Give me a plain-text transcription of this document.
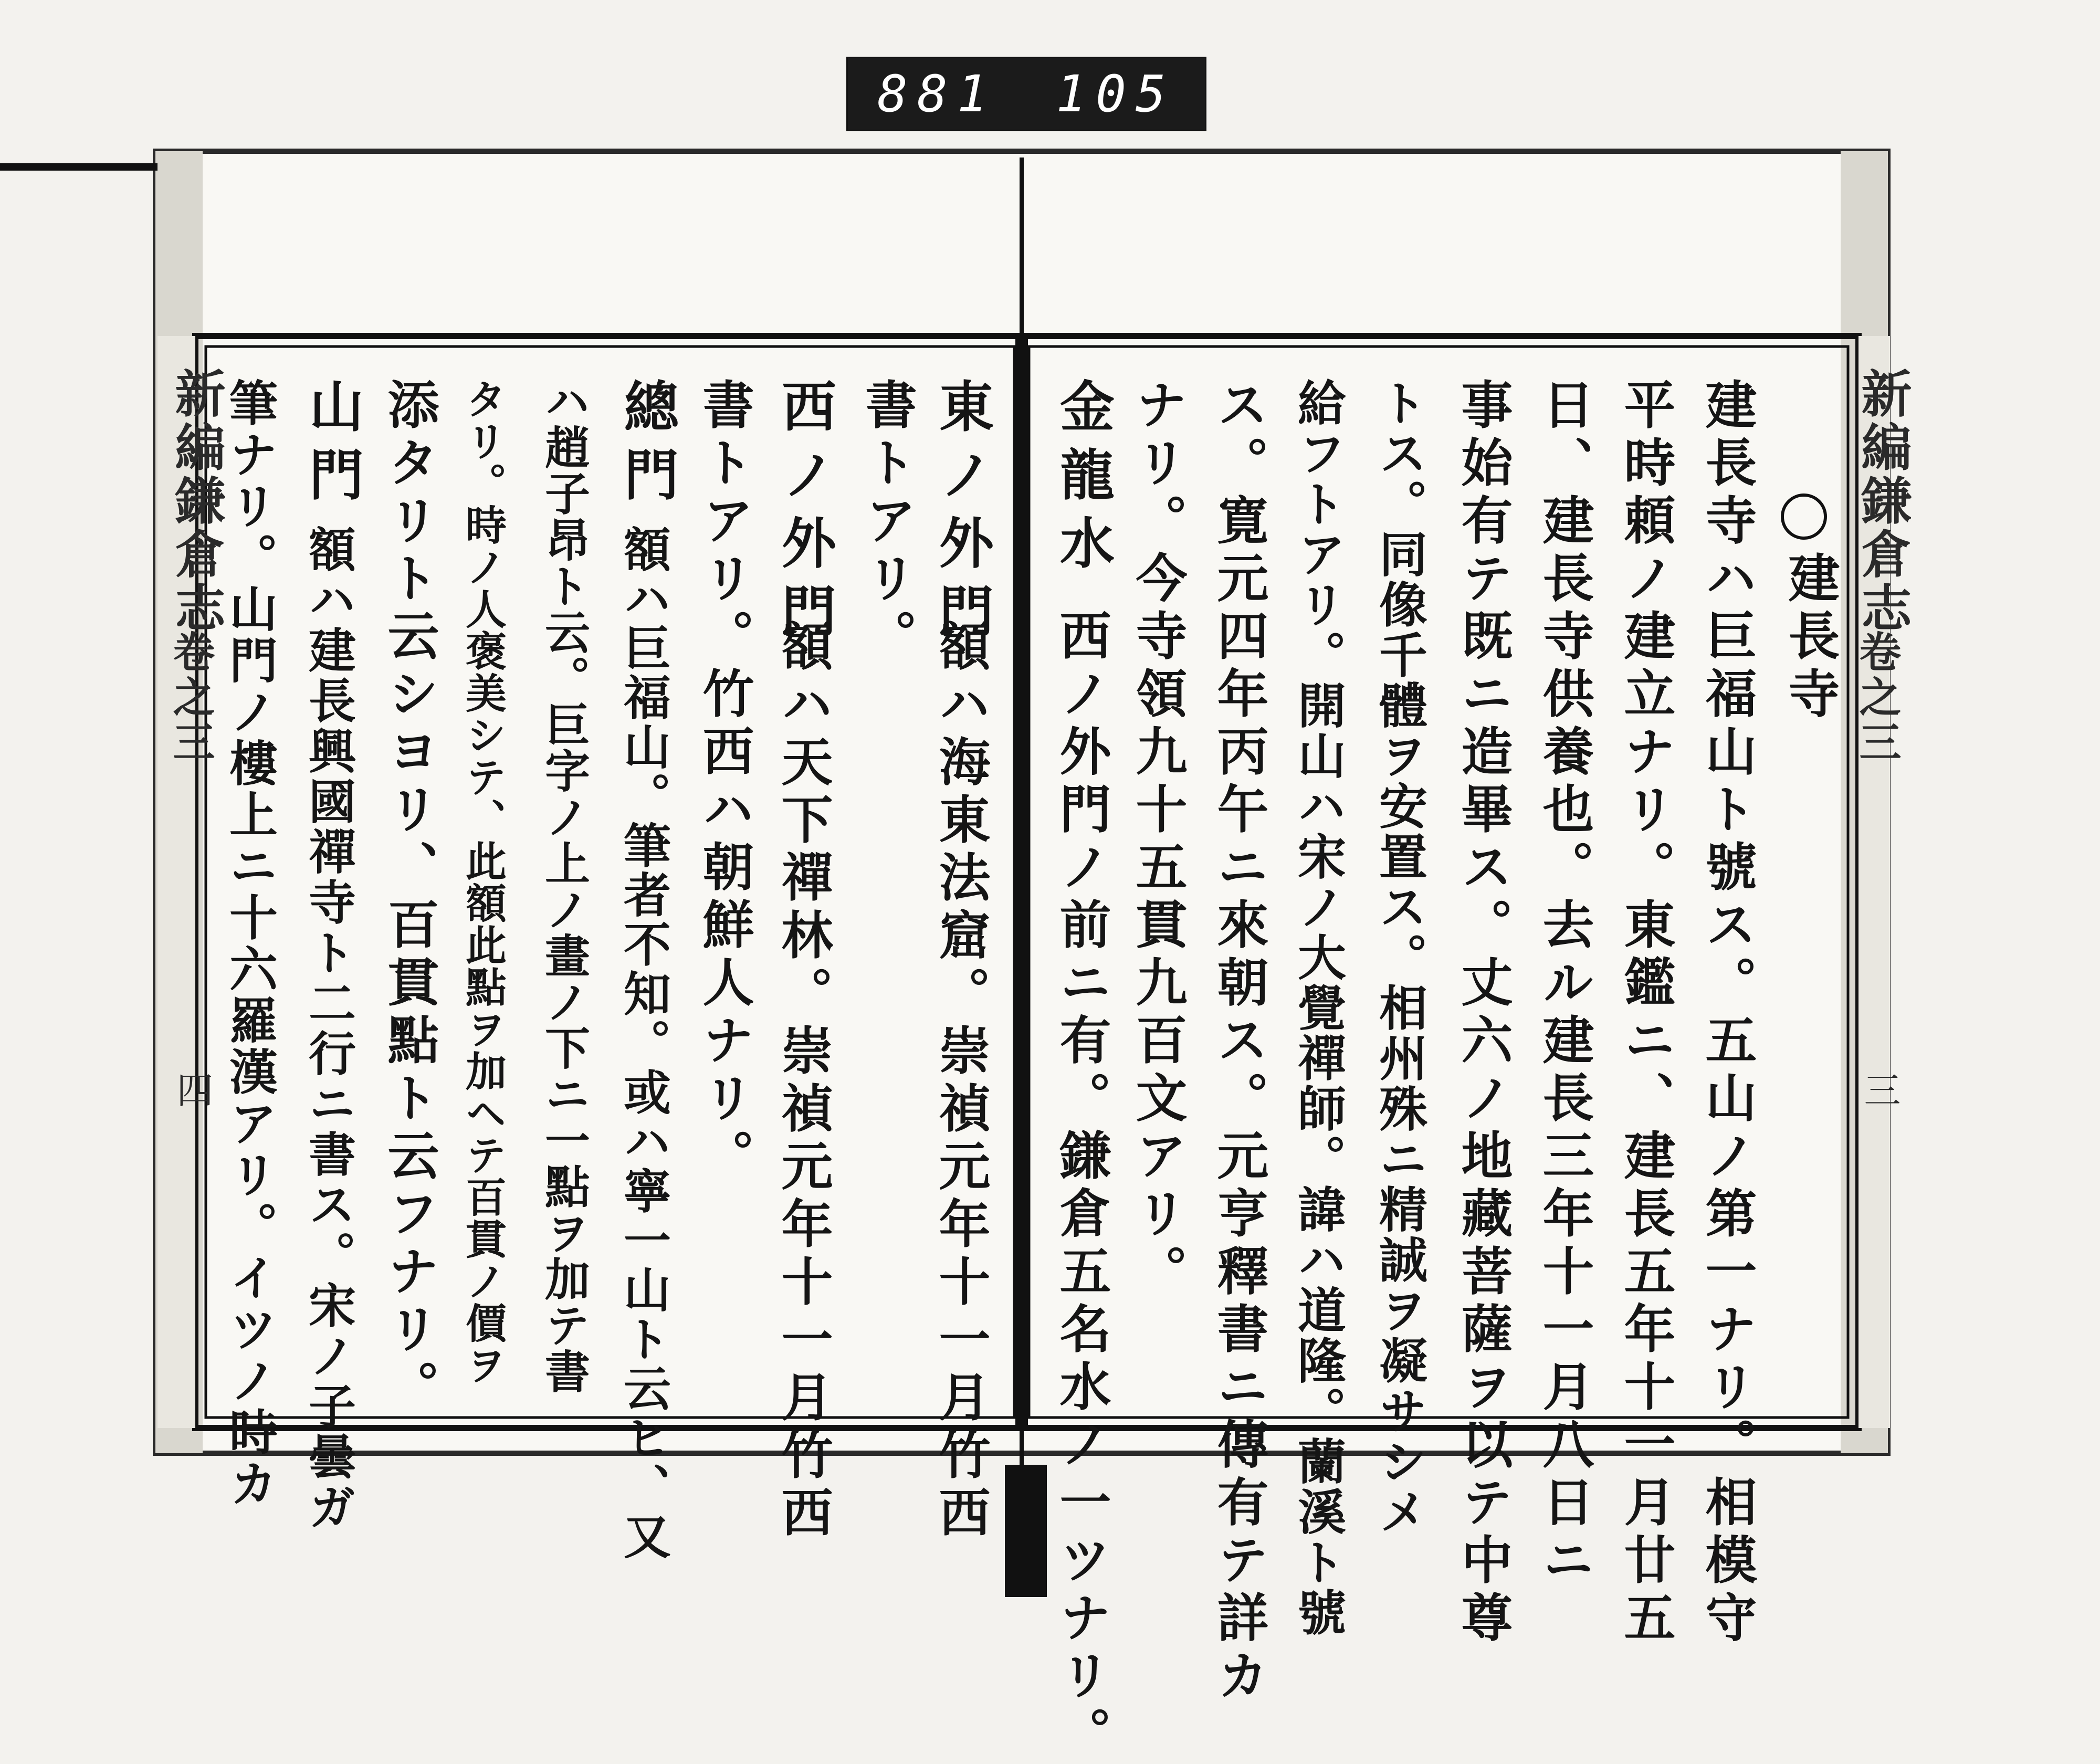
881 105
新編鎌倉志
卷之三
三
建長寺
建長寺ハ巨福山ト號ス。五山ノ第一ナリ。相模守
平時頼ノ建立ナリ。東鑑ニ、建長五年十一月廿五
日、建長寺供養也。去ル建長三年十一月八日ニ
事始有テ既ニ造畢ス。丈六ノ地藏菩薩ヲ以テ中尊
トス。同像千體ヲ安置ス。相州殊ニ精誠ヲ凝サシメ
給フトアリ。開山ハ宋ノ大覺禪師。諱ハ道隆。蘭溪ト號
ス。寛元四年丙午ニ來朝ス。元亨釋書ニ傳有テ詳カ
ナリ。今寺領九十五貫九百文アリ。
金龍水
西ノ外門ノ前ニ有。鎌倉五名水ノ一ツナリ。
新編鎌倉志
卷之三
四
東ノ外門
額ハ海東法窟。崇禎元年十一月竹西
書トアリ。
西ノ外門
額ハ天下禪林。崇禎元年十一月竹西
書トアリ。竹西ハ朝鮮人ナリ。
總門
額ハ巨福山。筆者不知。或ハ寧一山ト云ヒ、又
ハ趙子昂ト云。巨字ノ上ノ畫ノ下ニ一點ヲ加テ書
タリ。時ノ人褒美シテ、此額此點ヲ加ヘテ百貫ノ價ヲ
添タリト云シヨリ、百貫點ト云フナリ。
山門
額ハ建長興國禪寺ト二行ニ書ス。宋ノ子曇ガ
筆ナリ。山門ノ樓上ニ十六羅漢アリ。イツノ時カ
